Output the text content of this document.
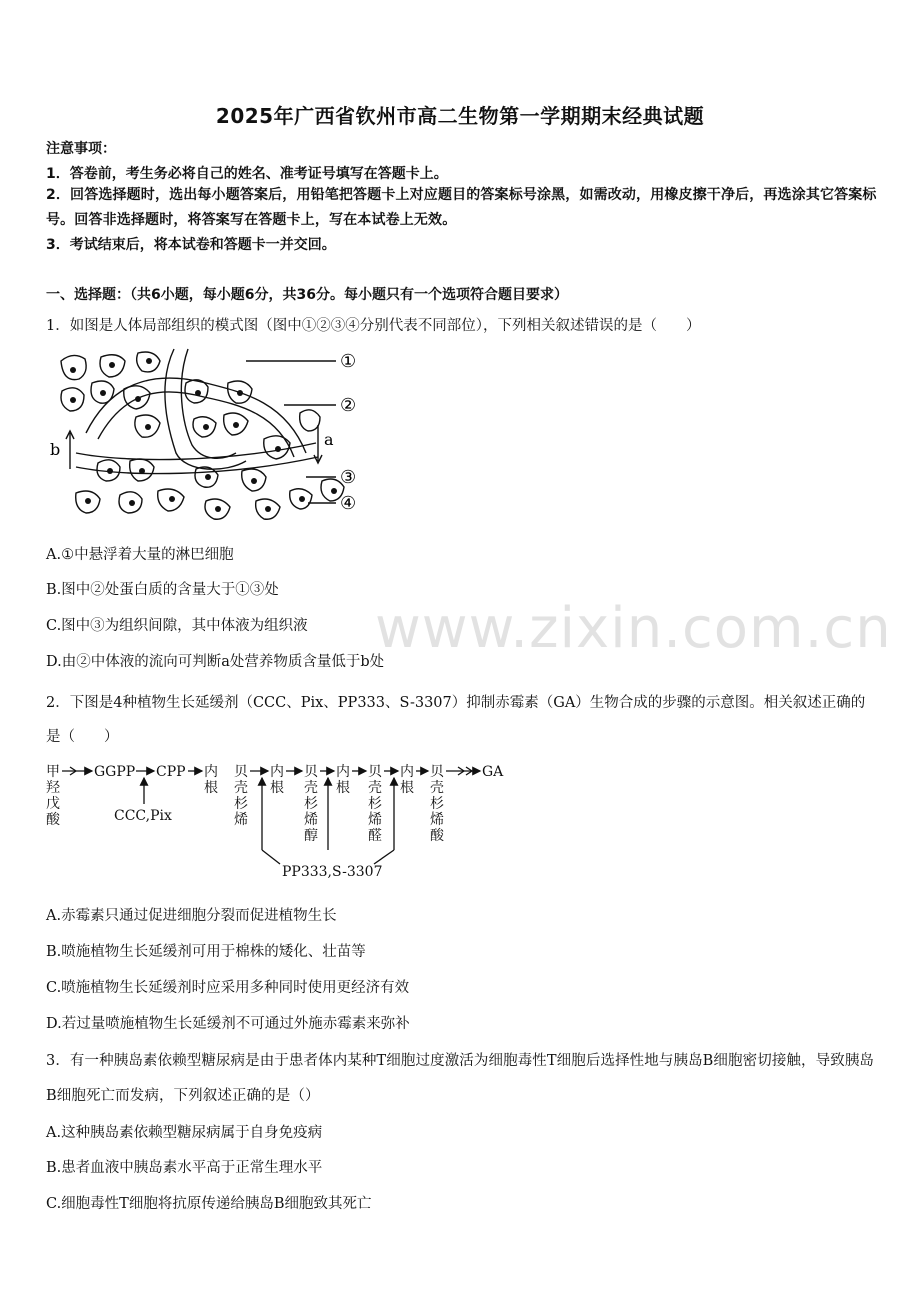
2025年广西省钦州市高二生物第一学期期末经典试题
注意事项：
1．答卷前，考生务必将自己的姓名、准考证号填写在答题卡上。
2．回答选择题时，选出每小题答案后，用铅笔把答题卡上对应题目的答案标号涂黑，如需改动，用橡皮擦干净后，再选涂其它答案标号。回答非选择题时，将答案写在答题卡上，写在本试卷上无效。
3．考试结束后，将本试卷和答题卡一并交回。
一、选择题：（共6小题，每小题6分，共36分。每小题只有一个选项符合题目要求）
1．如图是人体局部组织的模式图（图中①②③④分别代表不同部位），下列相关叙述错误的是（　　）
①
②
③
④
a
b
A.①中悬浮着大量的淋巴细胞
B.图中②处蛋白质的含量大于①③处
C.图中③为组织间隙，其中体液为组织液
D.由②中体液的流向可判断a处营养物质含量低于b处
2．下图是4种植物生长延缓剂（CCC、Pix、PP333、S-3307）抑制赤霉素（GA）生物合成的步骤的示意图。相关叙述正确的是（　　）
甲
羟
戊
酸
GGPP CPP 内
根
贝
壳
杉
烯
内
根
贝
壳
杉
烯
醇
内
根
贝
壳
杉
烯
醛
内
根
贝
壳
杉
烯
酸
GA
CCC,Pix
PP333,S-3307
A.赤霉素只通过促进细胞分裂而促进植物生长
B.喷施植物生长延缓剂可用于棉株的矮化、壮苗等
C.喷施植物生长延缓剂时应采用多种同时使用更经济有效
D.若过量喷施植物生长延缓剂不可通过外施赤霉素来弥补
3．有一种胰岛素依赖型糖尿病是由于患者体内某种T细胞过度激活为细胞毒性T细胞后选择性地与胰岛B细胞密切接触，导致胰岛B细胞死亡而发病，下列叙述正确的是（）
A.这种胰岛素依赖型糖尿病属于自身免疫病
B.患者血液中胰岛素水平高于正常生理水平
C.细胞毒性T细胞将抗原传递给胰岛B细胞致其死亡
www.zixin.com.cn
